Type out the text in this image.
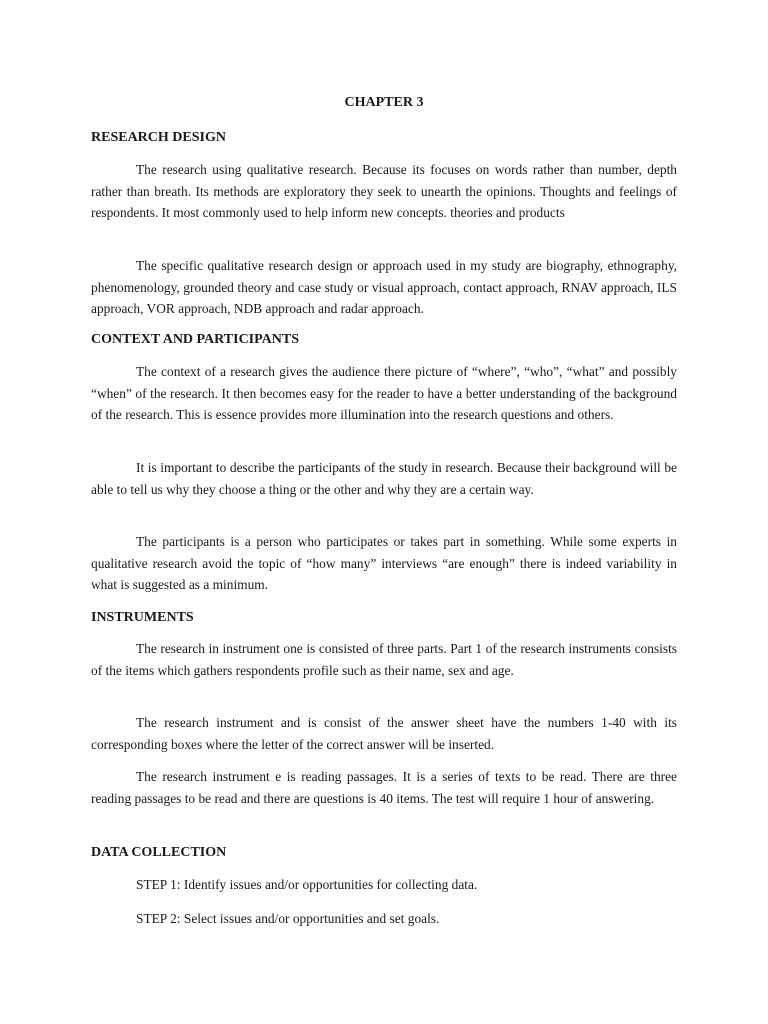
CHAPTER 3
RESEARCH DESIGN

The research using qualitative research. Because its focuses on words rather than number, depth rather than breath. Its methods are exploratory they seek to unearth the opinions. Thoughts and feelings of respondents. It most commonly used to help inform new concepts. theories and products

The specific qualitative research design or approach used in my study are biography, ethnography, phenomenology, grounded theory and case study or visual approach, contact approach, RNAV approach, ILS approach, VOR approach, NDB approach and radar approach.

CONTEXT AND PARTICIPANTS

The context of a research gives the audience there picture of “where”, “who”, “what” and possibly “when” of the research. It then becomes easy for the reader to have a better understanding of the background of the research. This is essence provides more illumination into the research questions and others.

It is important to describe the participants of the study in research. Because their background will be able to tell us why they choose a thing or the other and why they are a certain way.

The participants is a person who participates or takes part in something. While some experts in qualitative research avoid the topic of “how many” interviews “are enough” there is indeed variability in what is suggested as a minimum.

INSTRUMENTS

The research in instrument one is consisted of three parts. Part 1 of the research instruments consists of the items which gathers respondents profile such as their name, sex and age.

The research instrument and is consist of the answer sheet have the numbers 1-40 with its corresponding boxes where the letter of the correct answer will be inserted.

The research instrument e is reading passages. It is a series of texts to be read. There are three reading passages to be read and there are questions is 40 items. The test will require 1 hour of answering.

DATA COLLECTION

STEP 1: Identify issues and/or opportunities for collecting data.

STEP 2: Select issues and/or opportunities and set goals.
